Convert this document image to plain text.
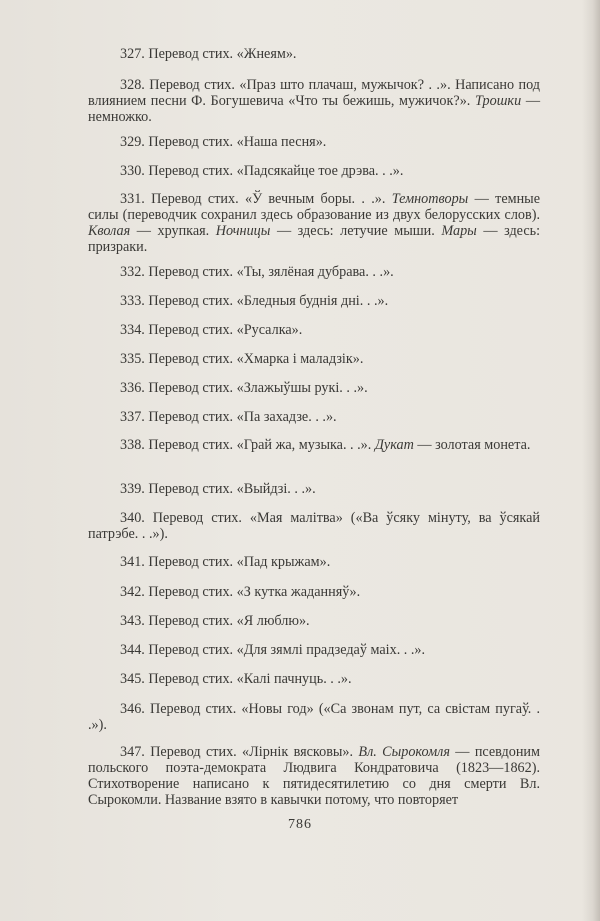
327. Перевод стих. «Жнеям».

328. Перевод стих. «Праз што плачаш, мужычок? . .». Написано под влиянием песни Ф. Богушевича «Что ты бежишь, мужичок?». Трошки — немножко.

329. Перевод стих. «Наша песня».

330. Перевод стих. «Падсякайце тое дрэва. . .».

331. Перевод стих. «Ў вечным боры. . .». Темнотворы — темные силы (переводчик сохранил здесь образование из двух белорусских слов). Кволая — хрупкая. Ночницы — здесь: летучие мыши. Мары — здесь: призраки.

332. Перевод стих. «Ты, зялёная дубрава. . .».

333. Перевод стих. «Бледныя буднія дні. . .».

334. Перевод стих. «Русалка».

335. Перевод стих. «Хмарка і маладзік».

336. Перевод стих. «Злажыўшы рукі. . .».

337. Перевод стих. «Па захадзе. . .».

338. Перевод стих. «Грай жа, музыка. . .». Дукат — золотая монета.

339. Перевод стих. «Выйдзі. . .».

340. Перевод стих. «Мая малітва» («Ва ўсяку мінуту, ва ўсякай патрэбе. . .»).

341. Перевод стих. «Пад крыжам».

342. Перевод стих. «З кутка жаданняў».

343. Перевод стих. «Я люблю».

344. Перевод стих. «Для зямлі прадзедаў маіх. . .».

345. Перевод стих. «Калі пачнуць. . .».

346. Перевод стих. «Новы год» («Са звонам пут, са свістам пугаў. . .»).

347. Перевод стих. «Лірнік вясковы». Вл. Сырокомля — псевдоним польского поэта-демократа Людвига Кондратовича (1823—1862). Стихотворение написано к пятидесятилетию со дня смерти Вл. Сырокомли. Название взято в кавычки потому, что повторяет

786
